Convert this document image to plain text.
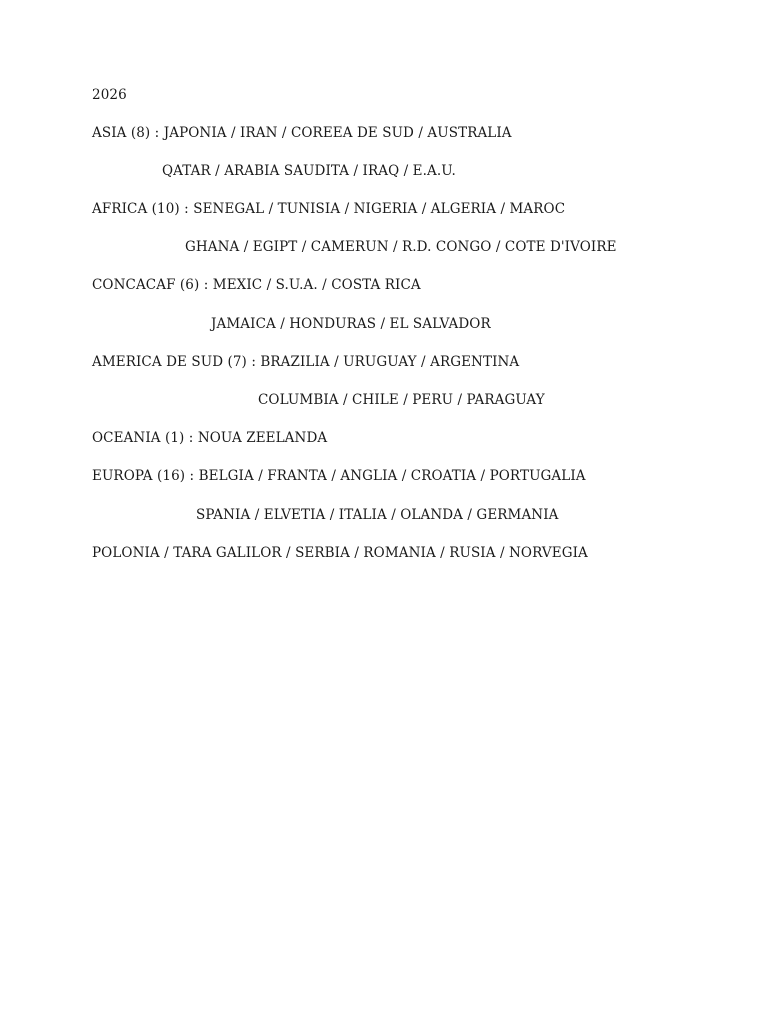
2026
ASIA (8) : JAPONIA / IRAN / COREEA DE SUD / AUSTRALIA
QATAR / ARABIA SAUDITA / IRAQ / E.A.U.
AFRICA (10) : SENEGAL / TUNISIA / NIGERIA / ALGERIA / MAROC
GHANA / EGIPT / CAMERUN / R.D. CONGO / COTE D'IVOIRE
CONCACAF (6) : MEXIC / S.U.A. / COSTA RICA
JAMAICA / HONDURAS / EL SALVADOR
AMERICA DE SUD (7) : BRAZILIA / URUGUAY / ARGENTINA
COLUMBIA / CHILE / PERU / PARAGUAY
OCEANIA (1) : NOUA ZEELANDA
EUROPA (16) : BELGIA / FRANTA / ANGLIA / CROATIA / PORTUGALIA
SPANIA / ELVETIA / ITALIA / OLANDA / GERMANIA
POLONIA / TARA GALILOR / SERBIA / ROMANIA / RUSIA / NORVEGIA
